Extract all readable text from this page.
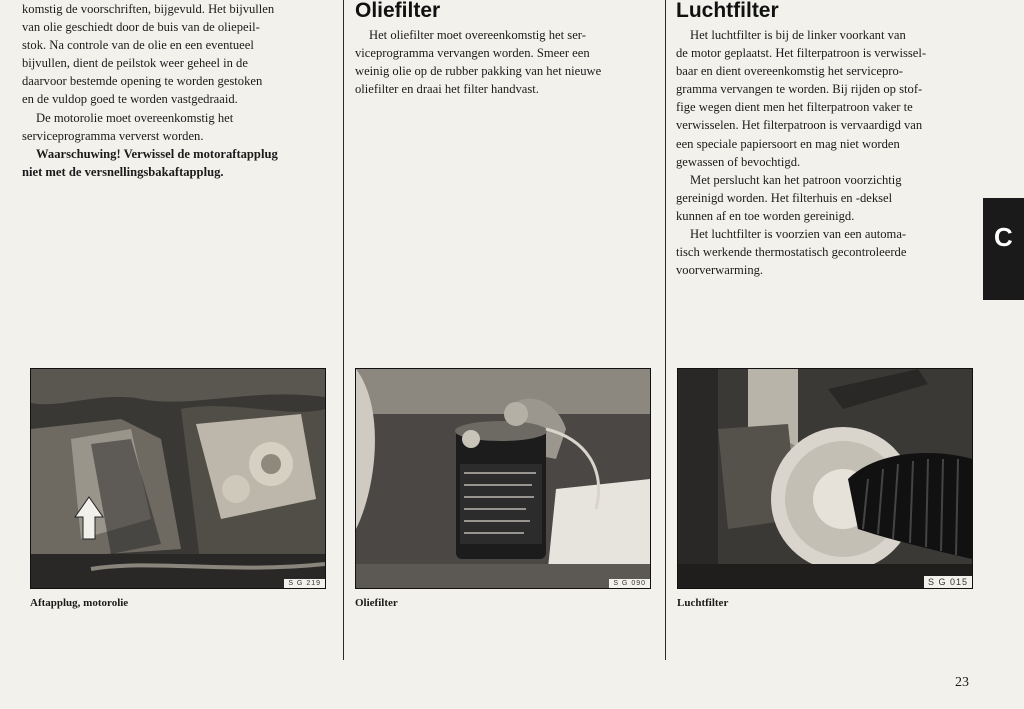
komstig de voorschriften, bijgevuld. Het bijvullen
van olie geschiedt door de buis van de oliepeil-
stok. Na controle van de olie en een eventueel
bijvullen, dient de peilstok weer geheel in de
daarvoor bestemde opening te worden gestoken
en de vuldop goed te worden vastgedraaid.

De motorolie moet overeenkomstig het
serviceprogramma ververst worden.

Waarschuwing! Verwissel de motoraftapplug
niet met de versnellingsbakaftapplug.

Oliefilter

Het oliefilter moet overeenkomstig het ser-
viceprogramma vervangen worden. Smeer een
weinig olie op de rubber pakking van het nieuwe
oliefilter en draai het filter handvast.

Luchtfilter

Het luchtfilter is bij de linker voorkant van
de motor geplaatst. Het filterpatroon is verwissel-
baar en dient overeenkomstig het servicepro-
gramma vervangen te worden. Bij rijden op stof-
fige wegen dient men het filterpatroon vaker te
verwisselen. Het filterpatroon is vervaardigd van
een speciale papiersoort en mag niet worden
gewassen of bevochtigd.

Met perslucht kan het patroon voorzichtig
gereinigd worden. Het filterhuis en -deksel
kunnen af en toe worden gereinigd.

Het luchtfilter is voorzien van een automa-
tisch werkende thermostatisch gecontroleerde
voorverwarming.

S G 219
Aftapplug, motorolie
S G 090
Oliefilter
S G 015
Luchtfilter
C
23
